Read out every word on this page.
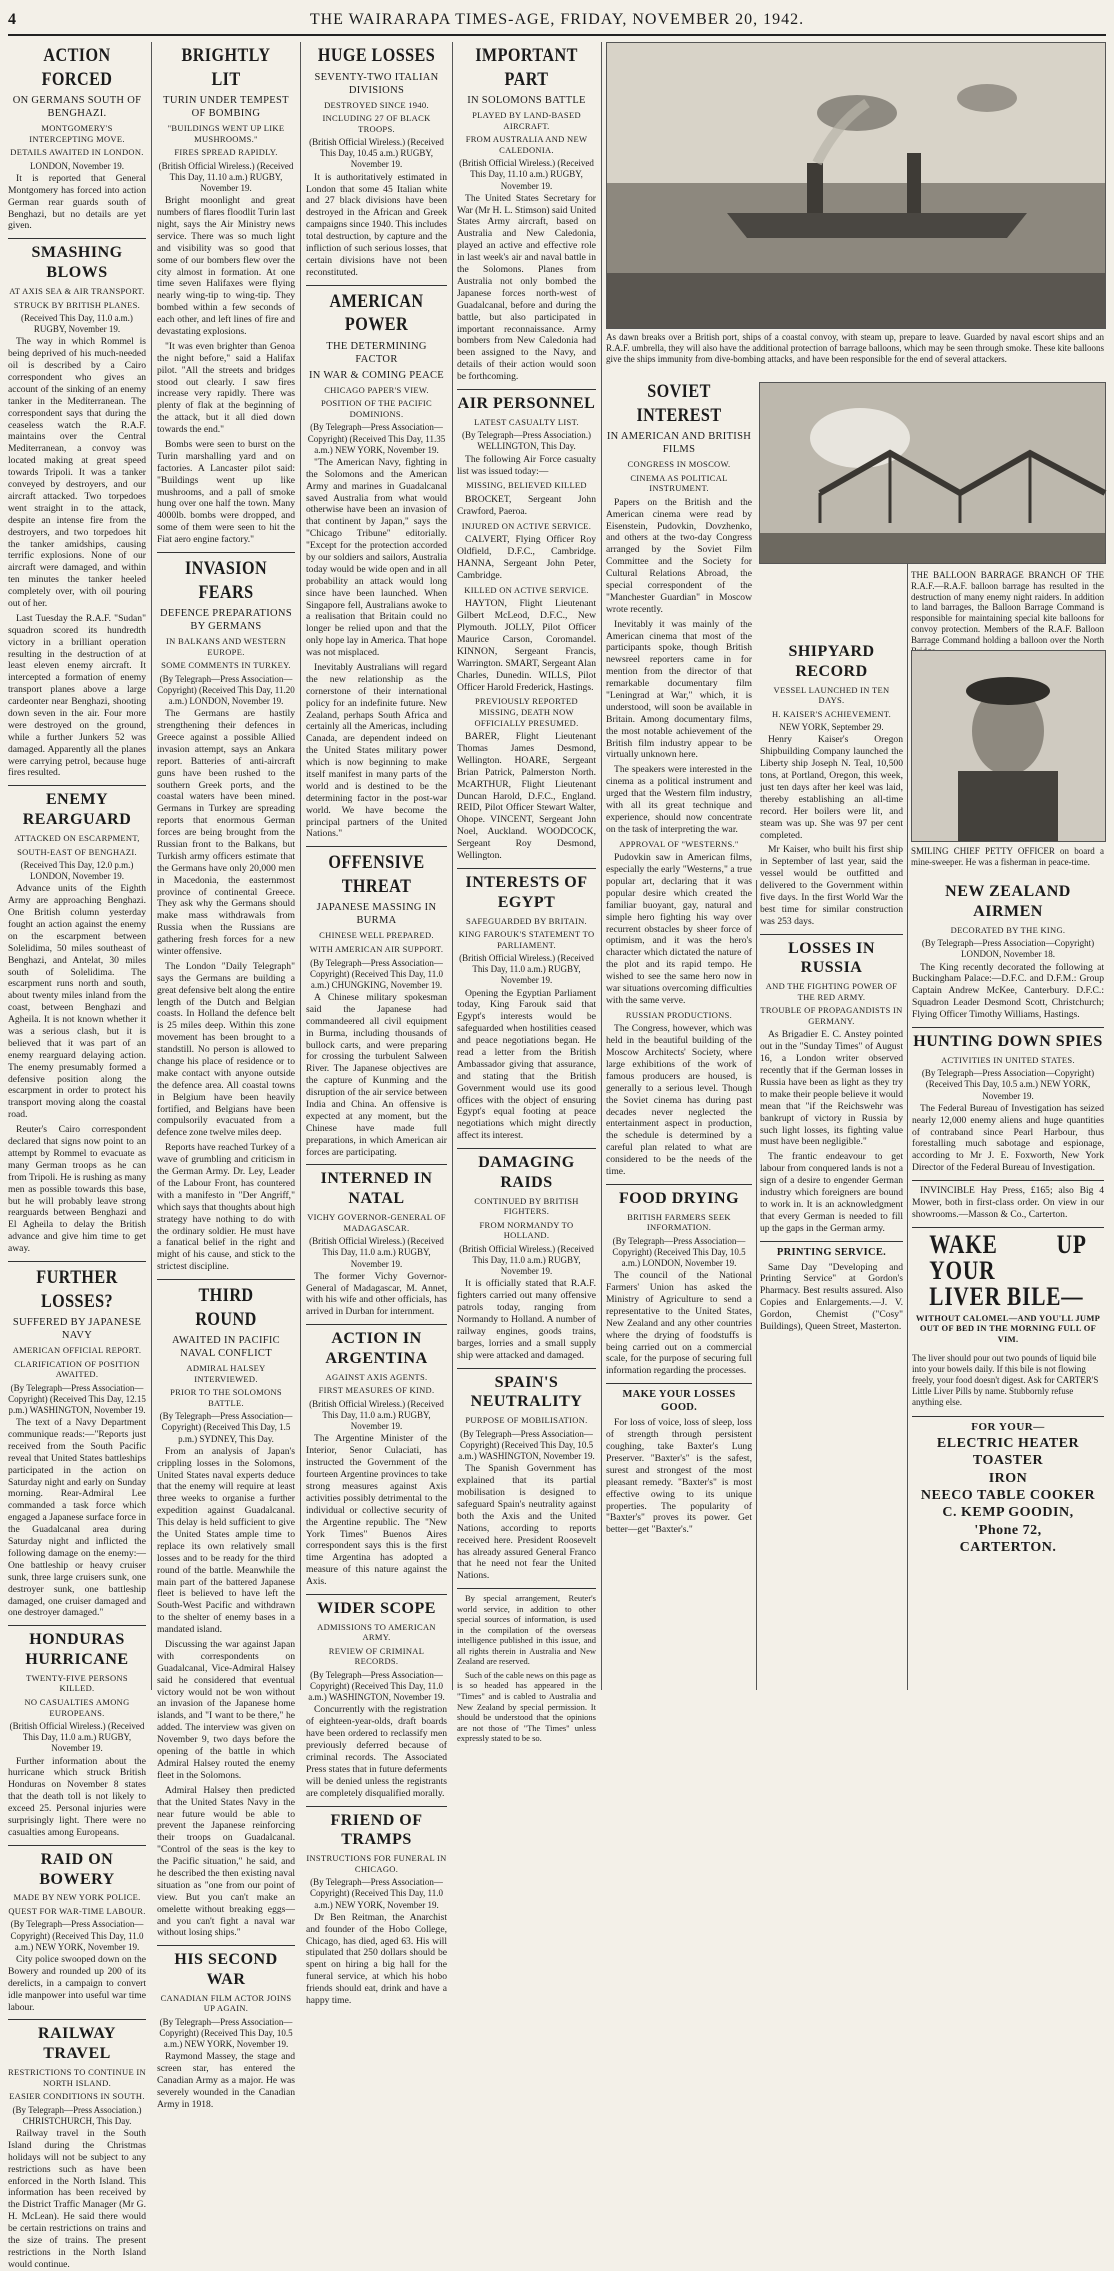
4	THE WAIRARAPA TIMES-AGE, FRIDAY, NOVEMBER 20, 1942.
ACTION FORCED
ON GERMANS SOUTH OF BENGHAZI.
MONTGOMERY'S INTERCEPTING MOVE.
DETAILS AWAITED IN LONDON.
LONDON, November 19.

It is reported that General Montgomery has forced into action German rear guards south of Benghazi, but no details are yet given.

SMASHING BLOWS
AT AXIS SEA & AIR TRANSPORT.
STRUCK BY BRITISH PLANES.
(Received This Day, 11.0 a.m.) RUGBY, November 19.

The way in which Rommel is being deprived of his much-needed oil is described by a Cairo correspondent who gives an account of the sinking of an enemy tanker in the Mediterranean. The correspondent says that during the ceaseless watch the R.A.F. maintains over the Central Mediterranean, a convoy was located making at great speed towards Tripoli. It was a tanker conveyed by destroyers, and our aircraft attacked. Two torpedoes went straight in to the attack, despite an intense fire from the destroyers, and two torpedoes hit the tanker amidships, causing terrific explosions. None of our aircraft were damaged, and within ten minutes the tanker heeled completely over, with oil pouring out of her.

Last Tuesday the R.A.F. "Sudan" squadron scored its hundredth victory in a brilliant operation resulting in the destruction of at least eleven enemy aircraft. It intercepted a formation of enemy transport planes above a large cardeonter near Benghazi, shooting down seven in the air. Four more were destroyed on the ground, while a further Junkers 52 was damaged. Apparently all the planes were carrying petrol, because huge fires resulted.

ENEMY REARGUARD
ATTACKED ON ESCARPMENT,
SOUTH-EAST OF BENGHAZI.
(Received This Day, 12.0 p.m.) LONDON, November 19.

Advance units of the Eighth Army are approaching Benghazi. One British column yesterday fought an action against the enemy on the escarpment between Solelidima, 50 miles southeast of Benghazi, and Antelat, 30 miles south of Solelidima. The escarpment runs north and south, about twenty miles inland from the coast, between Benghazi and Agheila. It is not known whether it was a serious clash, but it is believed that it was part of an enemy rearguard delaying action. The enemy presumably formed a defensive position along the escarpment in order to protect his transport moving along the coastal road.

Reuter's Cairo correspondent declared that signs now point to an attempt by Rommel to evacuate as many German troops as he can from Tripoli. He is rushing as many men as possible towards this base, but he will probably leave strong rearguards between Benghazi and El Agheila to delay the British advance and give him time to get away.

FURTHER LOSSES?
SUFFERED BY JAPANESE NAVY
AMERICAN OFFICIAL REPORT.
CLARIFICATION OF POSITION AWAITED.
(By Telegraph—Press Association—Copyright) (Received This Day, 12.15 p.m.) WASHINGTON, November 19.

The text of a Navy Department communique reads:—"Reports just received from the South Pacific reveal that United States battleships participated in the action on Saturday night and early on Sunday morning. Rear-Admiral Lee commanded a task force which engaged a Japanese surface force in the Guadalcanal area during Saturday night and inflicted the following damage on the enemy:—One battleship or heavy cruiser sunk, three large cruisers sunk, one destroyer sunk, one battleship damaged, one cruiser damaged and one destroyer damaged."

HONDURAS HURRICANE
TWENTY-FIVE PERSONS KILLED.
NO CASUALTIES AMONG EUROPEANS.
(British Official Wireless.) (Received This Day, 11.0 a.m.) RUGBY, November 19.

Further information about the hurricane which struck British Honduras on November 8 states that the death toll is not likely to exceed 25. Personal injuries were surprisingly light. There were no casualties among Europeans.

RAID ON BOWERY
MADE BY NEW YORK POLICE.
QUEST FOR WAR-TIME LABOUR.
(By Telegraph—Press Association—Copyright) (Received This Day, 11.0 a.m.) NEW YORK, November 19.

City police swooped down on the Bowery and rounded up 200 of its derelicts, in a campaign to convert idle manpower into useful war time labour.

RAILWAY TRAVEL
RESTRICTIONS TO CONTINUE IN NORTH ISLAND.
EASIER CONDITIONS IN SOUTH.
(By Telegraph—Press Association.) CHRISTCHURCH, This Day.

Railway travel in the South Island during the Christmas holidays will not be subject to any restrictions such as have been enforced in the North Island. This information has been received by the District Traffic Manager (Mr G. H. McLean). He said there would be certain restrictions on trains and the size of trains. The present restrictions in the North Island would continue.

BRIGHTLY LIT
TURIN UNDER TEMPEST OF BOMBING
"BUILDINGS WENT UP LIKE MUSHROOMS."
FIRES SPREAD RAPIDLY.
(British Official Wireless.) (Received This Day, 11.10 a.m.) RUGBY, November 19.

Bright moonlight and great numbers of flares floodlit Turin last night, says the Air Ministry news service. There was so much light and visibility was so good that some of our bombers flew over the city almost in formation. At one time seven Halifaxes were flying nearly wing-tip to wing-tip. They bombed within a few seconds of each other, and left lines of fire and devastating explosions.

"It was even brighter than Genoa the night before," said a Halifax pilot. "All the streets and bridges stood out clearly. I saw fires increase very rapidly. There was plenty of flak at the beginning of the attack, but it all died down towards the end."

Bombs were seen to burst on the Turin marshalling yard and on factories. A Lancaster pilot said: "Buildings went up like mushrooms, and a pall of smoke hung over one half the town. Many 4000lb. bombs were dropped, and some of them were seen to hit the Fiat aero engine factory."

INVASION FEARS
DEFENCE PREPARATIONS BY GERMANS
IN BALKANS AND WESTERN EUROPE.
SOME COMMENTS IN TURKEY.
(By Telegraph—Press Association—Copyright) (Received This Day, 11.20 a.m.) LONDON, November 19.

The Germans are hastily strengthening their defences in Greece against a possible Allied invasion attempt, says an Ankara report. Batteries of anti-aircraft guns have been rushed to the southern Greek ports, and the coastal waters have been mined. Germans in Turkey are spreading reports that enormous German forces are being brought from the Russian front to the Balkans, but Turkish army officers estimate that the Germans have only 20,000 men in Macedonia, the easternmost province of continental Greece. They ask why the Germans should make mass withdrawals from Russia when the Russians are gathering fresh forces for a new winter offensive.

The London "Daily Telegraph" says the Germans are building a great defensive belt along the entire length of the Dutch and Belgian coasts. In Holland the defence belt is 25 miles deep. Within this zone movement has been brought to a standstill. No person is allowed to change his place of residence or to make contact with anyone outside the defence area. All coastal towns in Belgium have been heavily fortified, and Belgians have been compulsorily evacuated from a defence zone twelve miles deep.

Reports have reached Turkey of a wave of grumbling and criticism in the German Army. Dr. Ley, Leader of the Labour Front, has countered with a manifesto in "Der Angriff," which says that thoughts about high strategy have nothing to do with the ordinary soldier. He must have a fanatical belief in the right and might of his cause, and stick to the strictest discipline.

THIRD ROUND
AWAITED IN PACIFIC NAVAL CONFLICT
ADMIRAL HALSEY INTERVIEWED.
PRIOR TO THE SOLOMONS BATTLE.
(By Telegraph—Press Association—Copyright) (Received This Day, 1.5 p.m.) SYDNEY, This Day.

From an analysis of Japan's crippling losses in the Solomons, United States naval experts deduce that the enemy will require at least three weeks to organise a further expedition against Guadalcanal. This delay is held sufficient to give the United States ample time to replace its own relatively small losses and to be ready for the third round of the battle. Meanwhile the main part of the battered Japanese fleet is believed to have left the South-West Pacific and withdrawn to the shelter of enemy bases in a mandated island.

Discussing the war against Japan with correspondents on Guadalcanal, Vice-Admiral Halsey said he considered that eventual victory would not be won without an invasion of the Japanese home islands, and "I want to be there," he added. The interview was given on November 9, two days before the opening of the battle in which Admiral Halsey routed the enemy fleet in the Solomons.

Admiral Halsey then predicted that the United States Navy in the near future would be able to prevent the Japanese reinforcing their troops on Guadalcanal. "Control of the seas is the key to the Pacific situation," he said, and he described the then existing naval situation as "one from our point of view. But you can't make an omelette without breaking eggs—and you can't fight a naval war without losing ships."

HIS SECOND WAR
CANADIAN FILM ACTOR JOINS UP AGAIN.
(By Telegraph—Press Association—Copyright) (Received This Day, 10.5 a.m.) NEW YORK, November 19.

Raymond Massey, the stage and screen star, has entered the Canadian Army as a major. He was severely wounded in the Canadian Army in 1918.

HUGE LOSSES
SEVENTY-TWO ITALIAN DIVISIONS
DESTROYED SINCE 1940.
INCLUDING 27 OF BLACK TROOPS.
(British Official Wireless.) (Received This Day, 10.45 a.m.) RUGBY, November 19.

It is authoritatively estimated in London that some 45 Italian white and 27 black divisions have been destroyed in the African and Greek campaigns since 1940. This includes total destruction, by capture and the infliction of such serious losses, that certain divisions have not been reconstituted.

AMERICAN POWER
THE DETERMINING FACTOR
IN WAR & COMING PEACE
CHICAGO PAPER'S VIEW.
POSITION OF THE PACIFIC DOMINIONS.
(By Telegraph—Press Association—Copyright) (Received This Day, 11.35 a.m.) NEW YORK, November 19.

"The American Navy, fighting in the Solomons and the American Army and marines in Guadalcanal saved Australia from what would otherwise have been an invasion of that continent by Japan," says the "Chicago Tribune" editorially. "Except for the protection accorded by our soldiers and sailors, Australia today would be wide open and in all probability an attack would long since have been launched. When Singapore fell, Australians awoke to a realisation that Britain could no longer be relied upon and that the only hope lay in America. That hope was not misplaced.

Inevitably Australians will regard the new relationship as the cornerstone of their international policy for an indefinite future. New Zealand, perhaps South Africa and certainly all the Americas, including Canada, are dependent indeed on the United States military power which is now beginning to make itself manifest in many parts of the world and is destined to be the determining factor in the post-war world. We have become the principal partners of the United Nations."

OFFENSIVE THREAT
JAPANESE MASSING IN BURMA
CHINESE WELL PREPARED.
WITH AMERICAN AIR SUPPORT.
(By Telegraph—Press Association—Copyright) (Received This Day, 11.0 a.m.) CHUNGKING, November 19.

A Chinese military spokesman said the Japanese had commandeered all civil equipment in Burma, including thousands of bullock carts, and were preparing for crossing the turbulent Salween River. The Japanese objectives are the capture of Kunming and the disruption of the air service between India and China. An offensive is expected at any moment, but the Chinese have made full preparations, in which American air forces are participating.

INTERNED IN NATAL
VICHY GOVERNOR-GENERAL OF MADAGASCAR.
(British Official Wireless.) (Received This Day, 11.0 a.m.) RUGBY, November 19.

The former Vichy Governor-General of Madagascar, M. Annet, with his wife and other officials, has arrived in Durban for internment.

ACTION IN ARGENTINA
AGAINST AXIS AGENTS.
FIRST MEASURES OF KIND.
(British Official Wireless.) (Received This Day, 11.0 a.m.) RUGBY, November 19.

The Argentine Minister of the Interior, Senor Culaciati, has instructed the Government of the fourteen Argentine provinces to take strong measures against Axis activities possibly detrimental to the individual or collective security of the Argentine republic. The "New York Times" Buenos Aires correspondent says this is the first time Argentina has adopted a measure of this nature against the Axis.

WIDER SCOPE
ADMISSIONS TO AMERICAN ARMY.
REVIEW OF CRIMINAL RECORDS.
(By Telegraph—Press Association—Copyright) (Received This Day, 11.0 a.m.) WASHINGTON, November 19.

Concurrently with the registration of eighteen-year-olds, draft boards have been ordered to reclassify men previously deferred because of criminal records. The Associated Press states that in future deferments will be denied unless the registrants are completely disqualified morally.

FRIEND OF TRAMPS
INSTRUCTIONS FOR FUNERAL IN CHICAGO.
(By Telegraph—Press Association—Copyright) (Received This Day, 11.0 a.m.) NEW YORK, November 19.

Dr Ben Reitman, the Anarchist and founder of the Hobo College, Chicago, has died, aged 63. His will stipulated that 250 dollars should be spent on hiring a big hall for the funeral service, at which his hobo friends should eat, drink and have a happy time.

IMPORTANT PART
IN SOLOMONS BATTLE
PLAYED BY LAND-BASED AIRCRAFT.
FROM AUSTRALIA AND NEW CALEDONIA.
(British Official Wireless.) (Received This Day, 11.10 a.m.) RUGBY, November 19.

The United States Secretary for War (Mr H. L. Stimson) said United States Army aircraft, based on Australia and New Caledonia, played an active and effective role in last week's air and naval battle in the Solomons. Planes from Australia not only bombed the Japanese forces north-west of Guadalcanal, before and during the battle, but also participated in important reconnaissance. Army bombers from New Caledonia had been assigned to the Navy, and details of their action would soon be forthcoming.

AIR PERSONNEL
LATEST CASUALTY LIST.
(By Telegraph—Press Association.) WELLINGTON, This Day.

The following Air Force casualty list was issued today:—

MISSING, BELIEVED KILLED

BROCKET, Sergeant John Crawford, Paeroa.

INJURED ON ACTIVE SERVICE.

CALVERT, Flying Officer Roy Oldfield, D.F.C., Cambridge. HANNA, Sergeant John Peter, Cambridge.

KILLED ON ACTIVE SERVICE.

HAYTON, Flight Lieutenant Gilbert McLeod, D.F.C., New Plymouth. JOLLY, Pilot Officer Maurice Carson, Coromandel. KINNON, Sergeant Francis, Warrington. SMART, Sergeant Alan Charles, Dunedin. WILLS, Pilot Officer Harold Frederick, Hastings.

PREVIOUSLY REPORTED MISSING, DEATH NOW OFFICIALLY PRESUMED.

BARER, Flight Lieutenant Thomas James Desmond, Wellington. HOARE, Sergeant Brian Patrick, Palmerston North. McARTHUR, Flight Lieutenant Duncan Harold, D.F.C., England. REID, Pilot Officer Stewart Walter, Ohope. VINCENT, Sergeant John Noel, Auckland. WOODCOCK, Sergeant Roy Desmond, Wellington.

INTERESTS OF EGYPT
SAFEGUARDED BY BRITAIN.
KING FAROUK'S STATEMENT TO PARLIAMENT.
(British Official Wireless.) (Received This Day, 11.0 a.m.) RUGBY, November 19.

Opening the Egyptian Parliament today, King Farouk said that Egypt's interests would be safeguarded when hostilities ceased and peace negotiations began. He read a letter from the British Ambassador giving that assurance, and stating that the British Government would use its good offices with the object of ensuring Egypt's equal footing at peace negotiations which might directly affect its interest.

DAMAGING RAIDS
CONTINUED BY BRITISH FIGHTERS.
FROM NORMANDY TO HOLLAND.
(British Official Wireless.) (Received This Day, 11.0 a.m.) RUGBY, November 19.

It is officially stated that R.A.F. fighters carried out many offensive patrols today, ranging from Normandy to Holland. A number of railway engines, goods trains, barges, lorries and a small supply ship were attacked and damaged.

SPAIN'S NEUTRALITY
PURPOSE OF MOBILISATION.
(By Telegraph—Press Association—Copyright) (Received This Day, 10.5 a.m.) WASHINGTON, November 19.

The Spanish Government has explained that its partial mobilisation is designed to safeguard Spain's neutrality against both the Axis and the United Nations, according to reports received here. President Roosevelt has already assured General Franco that he need not fear the United Nations.

By special arrangement, Reuter's world service, in addition to other special sources of information, is used in the compilation of the overseas intelligence published in this issue, and all rights therein in Australia and New Zealand are reserved.

Such of the cable news on this page as is so headed has appeared in the "Times" and is cabled to Australia and New Zealand by special permission. It should be understood that the opinions are not those of "The Times" unless expressly stated to be so.

As dawn breaks over a British port, ships of a coastal convoy, with steam up, prepare to leave. Guarded by naval escort ships and an R.A.F. umbrella, they will also have the additional protection of barrage balloons, which may be seen through smoke. These kite balloons give the ships immunity from dive-bombing attacks, and have been responsible for the end of several attackers.
SOVIET INTEREST
IN AMERICAN AND BRITISH FILMS
CONGRESS IN MOSCOW.
CINEMA AS POLITICAL INSTRUMENT.

Papers on the British and the American cinema were read by Eisenstein, Pudovkin, Dovzhenko, and others at the two-day Congress arranged by the Soviet Film Committee and the Society for Cultural Relations Abroad, the special correspondent of the "Manchester Guardian" in Moscow wrote recently.

Inevitably it was mainly of the American cinema that most of the participants spoke, though British newsreel reporters came in for mention from the director of that remarkable documentary film "Leningrad at War," which, it is understood, will soon be available in Britain. Among documentary films, the most notable achievement of the British film industry appear to be virtually unknown here.

The speakers were interested in the cinema as a political instrument and urged that the Western film industry, with all its great technique and experience, should now concentrate on the task of interpreting the war.

APPROVAL OF "WESTERNS."

Pudovkin saw in American films, especially the early "Westerns," a true popular art, declaring that it was popular desire which created the familiar buoyant, gay, natural and simple hero fighting his way over recurrent obstacles by sheer force of optimism, and it was the hero's character which dictated the nature of the plot and its rapid tempo. He wished to see the same hero now in war situations overcoming difficulties with the same verve.

RUSSIAN PRODUCTIONS.

The Congress, however, which was held in the beautiful building of the Moscow Architects' Society, where large exhibitions of the work of famous producers are housed, is generally to a serious level. Though the Soviet cinema has during past decades never neglected the entertainment aspect in production, the schedule is determined by a careful plan related to what are considered to be the needs of the time.

FOOD DRYING
BRITISH FARMERS SEEK INFORMATION.
(By Telegraph—Press Association—Copyright) (Received This Day, 10.5 a.m.) LONDON, November 19.

The council of the National Farmers' Union has asked the Ministry of Agriculture to send a representative to the United States, New Zealand and any other countries where the drying of foodstuffs is being carried out on a commercial scale, for the purpose of securing full information regarding the processes.

MAKE YOUR LOSSES GOOD.

For loss of voice, loss of sleep, loss of strength through persistent coughing, take Baxter's Lung Preserver. "Baxter's" is the safest, surest and strongest of the most pleasant remedy. "Baxter's" is most effective owing to its unique properties. The popularity of "Baxter's" proves its power. Get better—get "Baxter's."

THE BALLOON BARRAGE BRANCH OF THE R.A.F.—R.A.F. balloon barrage has resulted in the destruction of many enemy night raiders. In addition to land barrages, the Balloon Barrage Command is responsible for maintaining special kite balloons for convoy protection. Members of the R.A.F. Balloon Barrage Command holding a balloon over the North
SMILING CHIEF PETTY OFFICER on board a mine-sweeper. He was a fisherman in peace-time.
SHIPYARD RECORD
VESSEL LAUNCHED IN TEN DAYS.
H. KAISER'S ACHIEVEMENT.
NEW YORK, September 29.

Henry Kaiser's Oregon Shipbuilding Company launched the Liberty ship Joseph N. Teal, 10,500 tons, at Portland, Oregon, this week, just ten days after her keel was laid, thereby establishing an all-time record. Her boilers were lit, and steam was up. She was 97 per cent completed.

Mr Kaiser, who built his first ship in September of last year, said the vessel would be outfitted and delivered to the Government within five days. In the first World War the best time for similar construction was 253 days.

LOSSES IN RUSSIA
AND THE FIGHTING POWER OF THE RED ARMY.
TROUBLE OF PROPAGANDISTS IN GERMANY.

As Brigadier E. C. Anstey pointed out in the "Sunday Times" of August 16, a London writer observed recently that if the German losses in Russia have been as light as they try to make their people believe it would mean that "if the Reichswehr was bankrupt of victory in Russia by such light losses, its fighting value must have been negligible."

The frantic endeavour to get labour from conquered lands is not a sign of a desire to engender German industry which foreigners are bound to work in. It is an acknowledgment that every German is needed to fill up the gaps in the German army.

PRINTING SERVICE.

Same Day "Developing and Printing Service" at Gordon's Pharmacy. Best results assured. Also Copies and Enlargements.—J. V. Gordon, Chemist ("Cosy" Buildings), Queen Street, Masterton.

NEW ZEALAND AIRMEN
DECORATED BY THE KING.
(By Telegraph—Press Association—Copyright) LONDON, November 18.

The King recently decorated the following at Buckingham Palace:—D.F.C. and D.F.M.: Group Captain Andrew McKee, Canterbury. D.F.C.: Squadron Leader Desmond Scott, Christchurch; Flying Officer Timothy Williams, Hastings.

HUNTING DOWN SPIES
ACTIVITIES IN UNITED STATES.
(By Telegraph—Press Association—Copyright) (Received This Day, 10.5 a.m.) NEW YORK, November 19.

The Federal Bureau of Investigation has seized nearly 12,000 enemy aliens and huge quantities of contraband since Pearl Harbour, thus forestalling much sabotage and espionage, according to Mr J. E. Foxworth, New York Director of the Federal Bureau of Investigation.

INVINCIBLE Hay Press, £165; also Big 4 Mower, both in first-class order. On view in our showrooms.—Masson & Co., Carterton.

WAKE UP YOUR
LIVER BILE—
WITHOUT CALOMEL—AND YOU'LL JUMP OUT OF BED IN THE MORNING FULL OF VIM.

The liver should pour out two pounds of liquid bile into your bowels daily. If this bile is not flowing freely, your food doesn't digest. Ask for CARTER'S Little Liver Pills by name. Stubbornly refuse anything else.

FOR YOUR—
ELECTRIC HEATER
TOASTER
IRON
NEECO TABLE COOKER
C. KEMP GOODIN,
'Phone 72,
CARTERTON.
